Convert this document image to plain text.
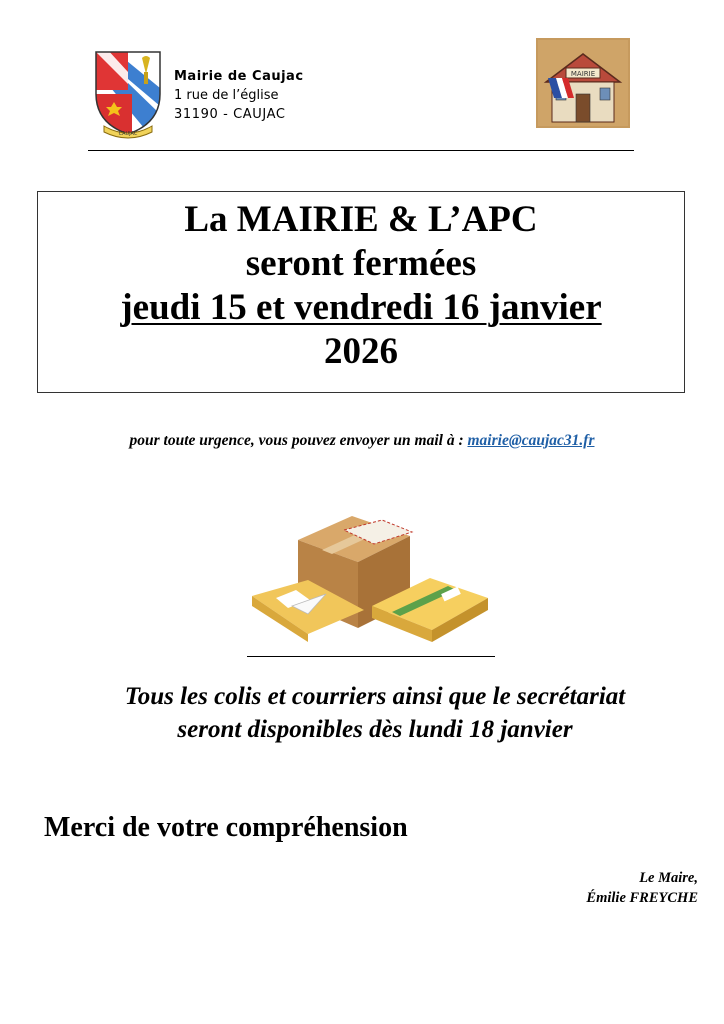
CAUJAC
Mairie de Caujac
1 rue de l’église
31190 - CAUJAC
MAIRIE
La MAIRIE & L’APC
seront fermées
jeudi 15 et vendredi 16 janvier
2026
pour toute urgence, vous pouvez envoyer un mail à : mairie@caujac31.fr
Tous les colis et courriers ainsi que le secrétariat
seront disponibles dès lundi 18 janvier
Merci de votre compréhension
Le Maire,
Émilie FREYCHE
